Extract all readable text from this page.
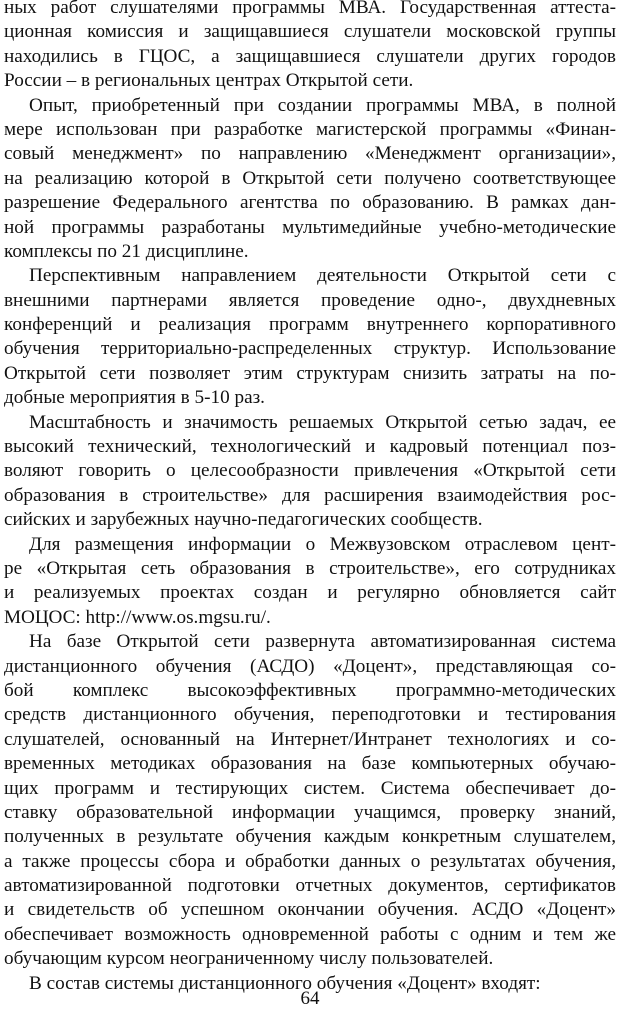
ных работ слушателями программы МВА. Государственная аттеста-
ционная комиссия и защищавшиеся слушатели московской группы
находились в ГЦОС, а защищавшиеся слушатели других городов
России – в региональных центрах Открытой сети.
Опыт, приобретенный при создании программы МВА, в полной
мере использован при разработке магистерской программы «Финан-
совый менеджмент» по направлению «Менеджмент организации»,
на реализацию которой в Открытой сети получено соответствующее
разрешение Федерального агентства по образованию. В рамках дан-
ной программы разработаны мультимедийные учебно-методические
комплексы по 21 дисциплине.
Перспективным направлением деятельности Открытой сети с
внешними партнерами является проведение одно-, двухдневных
конференций и реализация программ внутреннего корпоративного
обучения территориально-распределенных структур. Использование
Открытой сети позволяет этим структурам снизить затраты на по-
добные мероприятия в 5-10 раз.
Масштабность и значимость решаемых Открытой сетью задач, ее
высокий технический, технологический и кадровый потенциал поз-
воляют говорить о целесообразности привлечения «Открытой сети
образования в строительстве» для расширения взаимодействия рос-
сийских и зарубежных научно-педагогических сообществ.
Для размещения информации о Межвузовском отраслевом цент-
ре «Открытая сеть образования в строительстве», его сотрудниках
и реализуемых проектах создан и регулярно обновляется сайт
МОЦОС: http://www.os.mgsu.ru/.
На базе Открытой сети развернута автоматизированная система
дистанционного обучения (АСДО) «Доцент», представляющая со-
бой комплекс высокоэффективных программно-методических
средств дистанционного обучения, переподготовки и тестирования
слушателей, основанный на Интернет/Интранет технологиях и со-
временных методиках образования на базе компьютерных обучаю-
щих программ и тестирующих систем. Система обеспечивает до-
ставку образовательной информации учащимся, проверку знаний,
полученных в результате обучения каждым конкретным слушателем,
а также процессы сбора и обработки данных о результатах обучения,
автоматизированной подготовки отчетных документов, сертификатов
и свидетельств об успешном окончании обучения. АСДО «Доцент»
обеспечивает возможность одновременной работы с одним и тем же
обучающим курсом неограниченному числу пользователей.
В состав системы дистанционного обучения «Доцент» входят:
64
